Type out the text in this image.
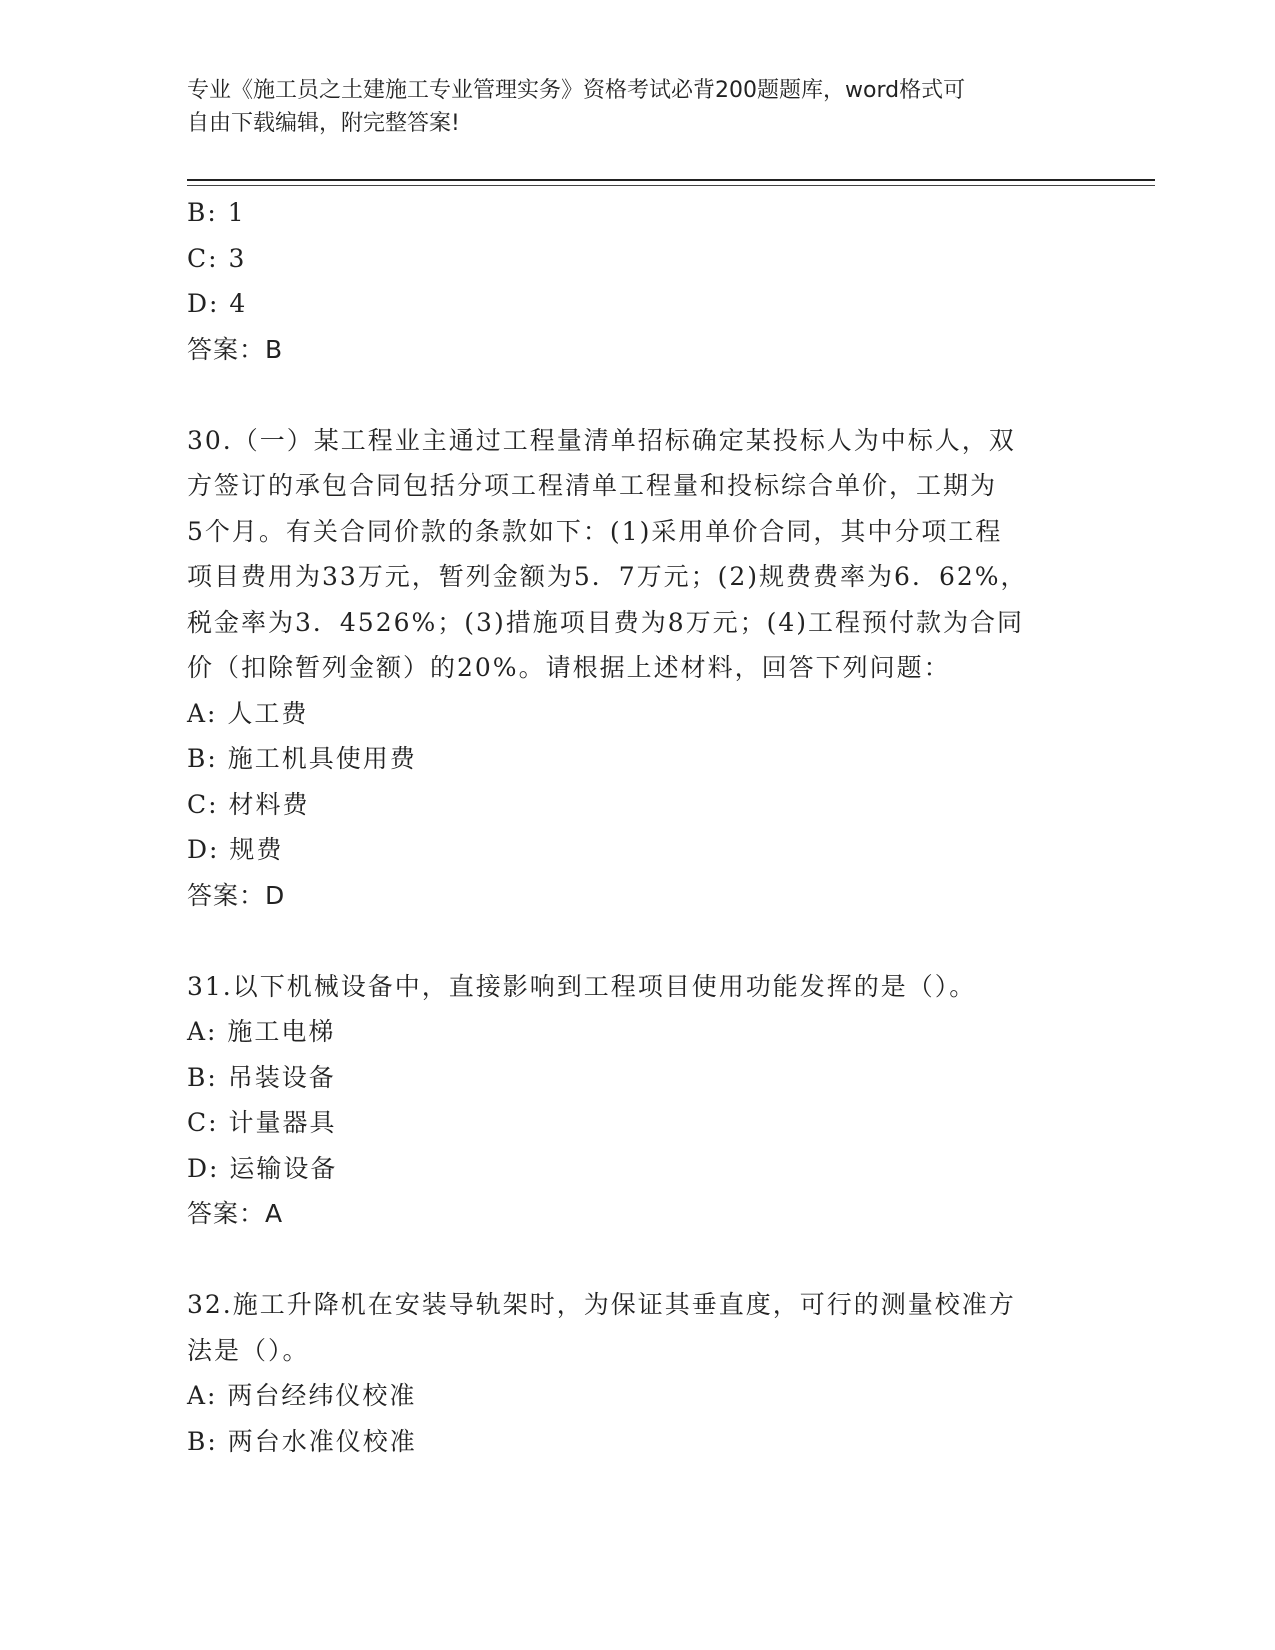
专业《施工员之土建施工专业管理实务》资格考试必背200题题库，word格式可
自由下载编辑，附完整答案!
B: 1
C: 3
D: 4
答案：B
30.（一）某工程业主通过工程量清单招标确定某投标人为中标人，双
方签订的承包合同包括分项工程清单工程量和投标综合单价，工期为
5个月。有关合同价款的条款如下：(1)采用单价合同，其中分项工程
项目费用为33万元，暂列金额为5．7万元；(2)规费费率为6．62%，
税金率为3．4526%；(3)措施项目费为8万元；(4)工程预付款为合同
价（扣除暂列金额）的20%。请根据上述材料，回答下列问题：
A: 人工费
B: 施工机具使用费
C: 材料费
D: 规费
答案：D
31.以下机械设备中，直接影响到工程项目使用功能发挥的是（）。
A: 施工电梯
B: 吊装设备
C: 计量器具
D: 运输设备
答案：A
32.施工升降机在安装导轨架时，为保证其垂直度，可行的测量校准方
法是（）。
A: 两台经纬仪校准
B: 两台水准仪校准
